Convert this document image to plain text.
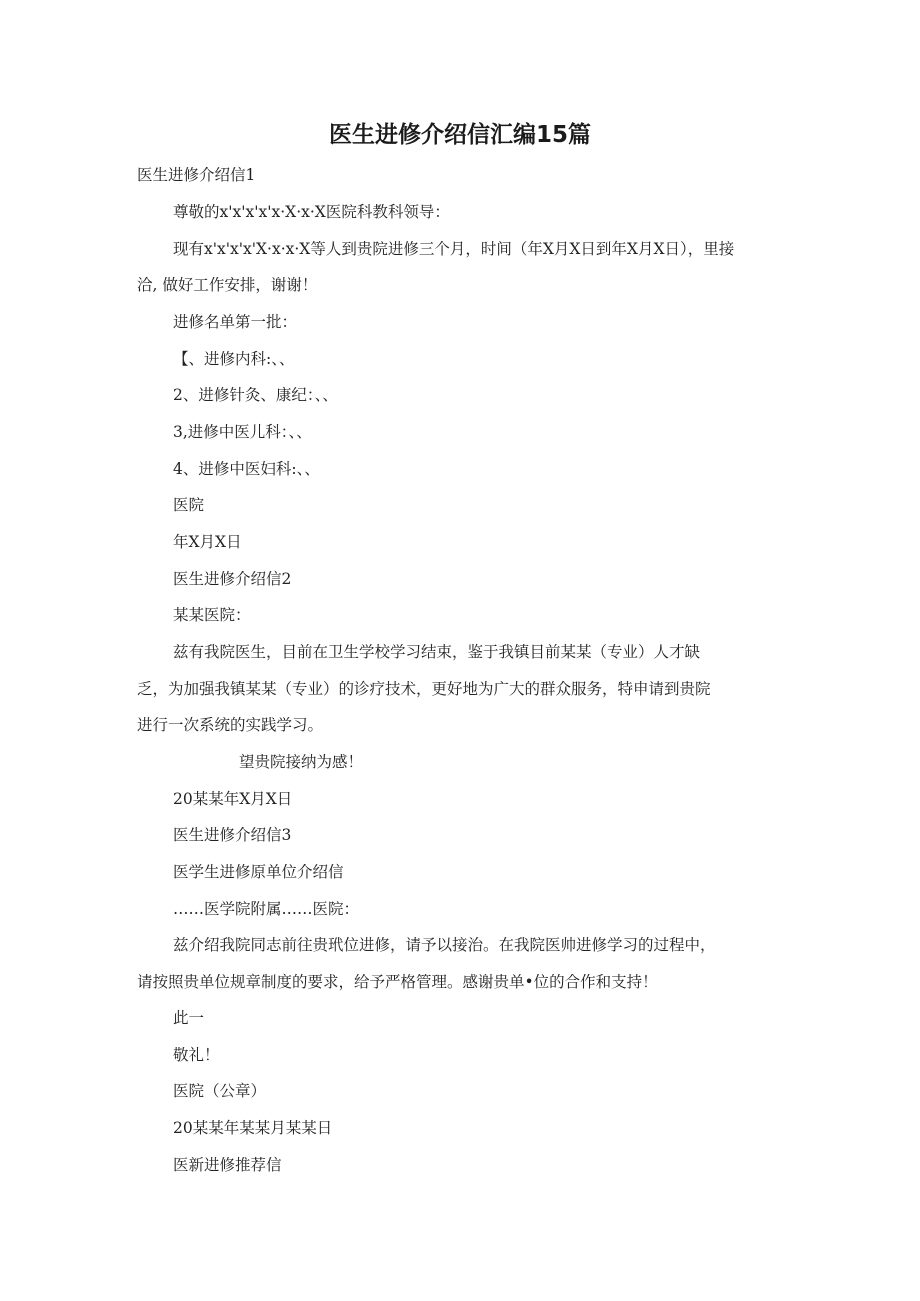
医生进修介绍信汇编15篇

医生进修介绍信1

尊敬的x'x'x'x'x·X·x·X医院科教科领导：

现有x'x'x'x'X·x·x·X等人到贵院进修三个月，时间（年X月X日到年X月X日），里接

洽, 做好工作安排，谢谢！

进修名单第一批：

【、进修内科:、、

2、进修针灸、康纪：、、

3,进修中医儿科：、、

4、进修中医妇科:、、

医院

年X月X日

医生进修介绍信2

某某医院：

兹有我院医生，目前在卫生学校学习结束，鉴于我镇目前某某（专业）人才缺

乏，为加强我镇某某（专业）的诊疗技术，更好地为广大的群众服务，特申请到贵院

进行一次系统的实践学习。

望贵院接纳为感！

20某某年X月X日

医生进修介绍信3

医学生进修原单位介绍信

……医学院附属……医院：

兹介绍我院同志前往贵玳位进修，请予以接治。在我院医帅进修学习的过程中，

请按照贵单位规章制度的要求，给予严格管理。感谢贵单•位的合作和支持！

此一

敬礼！

医院（公章）

20某某年某某月某某日

医新进修推荐信
